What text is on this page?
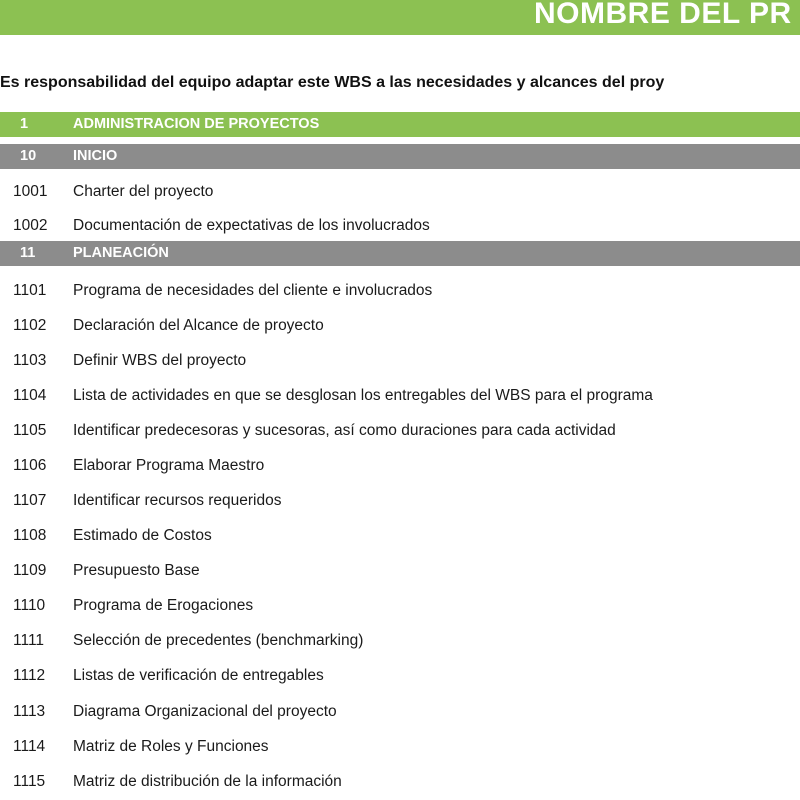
NOMBRE DEL PR
Es responsabilidad del equipo adaptar este WBS a las necesidades y alcances del proy
1	ADMINISTRACION DE PROYECTOS
10	INICIO
1001 Charter del proyecto
1002 Documentación de expectativas de los involucrados
11	PLANEACIÓN
1101 Programa de necesidades del cliente e involucrados
1102 Declaración del Alcance de proyecto
1103 Definir WBS del proyecto
1104 Lista de actividades en que se desglosan los entregables del WBS para el programa
1105 Identificar predecesoras y sucesoras, así como duraciones para cada actividad
1106 Elaborar Programa Maestro
1107 Identificar recursos requeridos
1108 Estimado de Costos
1109 Presupuesto Base
1110 Programa de Erogaciones
1111 Selección de precedentes (benchmarking)
1112 Listas de verificación de entregables
1113 Diagrama Organizacional del proyecto
1114 Matriz de Roles y Funciones
1115 Matriz de distribución de la información
